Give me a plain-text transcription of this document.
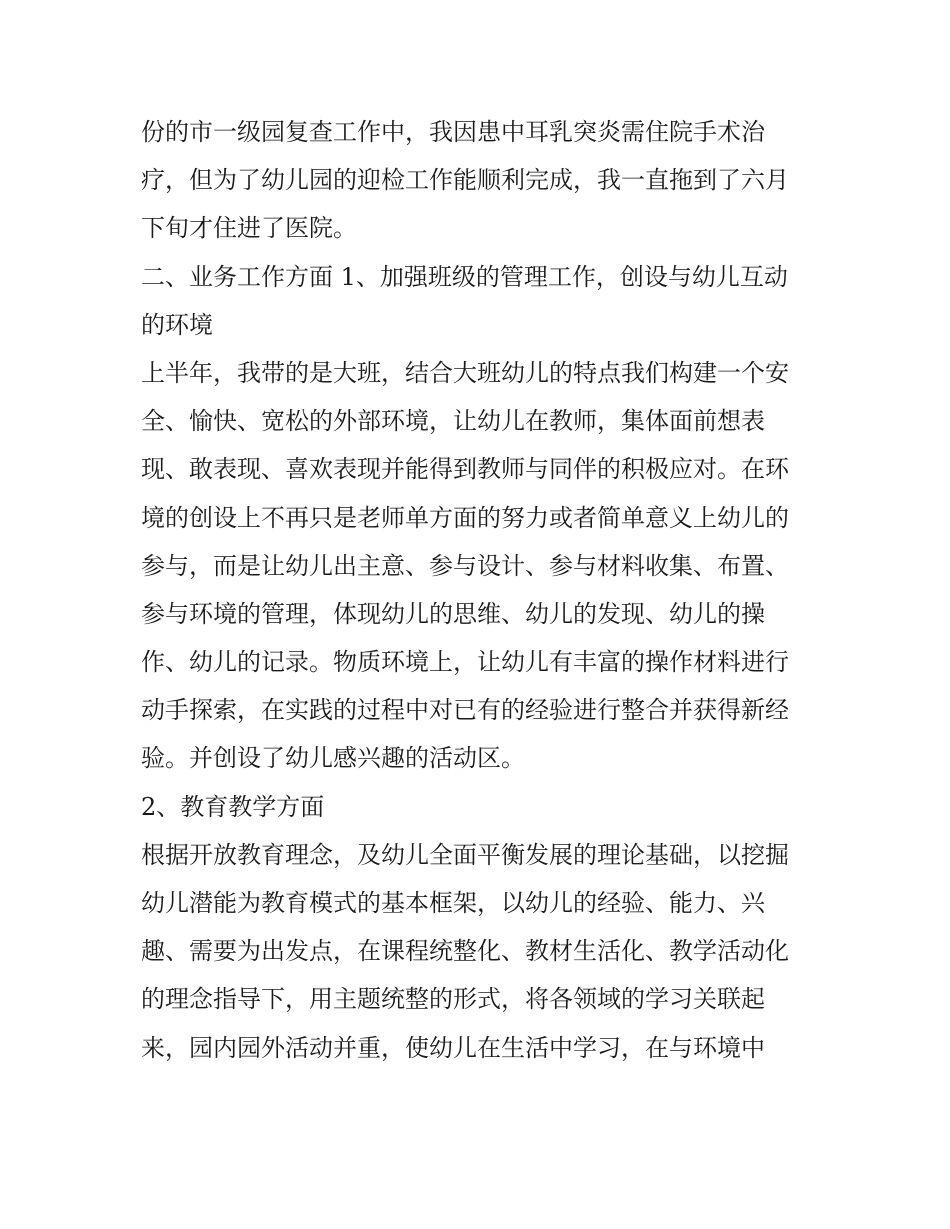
份的市一级园复查工作中，我因患中耳乳突炎需住院手术治
疗，但为了幼儿园的迎检工作能顺利完成，我一直拖到了六月
下旬才住进了医院。
二、业务工作方面 1、加强班级的管理工作，创设与幼儿互动
的环境
上半年，我带的是大班，结合大班幼儿的特点我们构建一个安
全、愉快、宽松的外部环境，让幼儿在教师，集体面前想表
现、敢表现、喜欢表现并能得到教师与同伴的积极应对。在环
境的创设上不再只是老师单方面的努力或者简单意义上幼儿的
参与，而是让幼儿出主意、参与设计、参与材料收集、布置、
参与环境的管理，体现幼儿的思维、幼儿的发现、幼儿的操
作、幼儿的记录。物质环境上，让幼儿有丰富的操作材料进行
动手探索，在实践的过程中对已有的经验进行整合并获得新经
验。并创设了幼儿感兴趣的活动区。
2、教育教学方面
根据开放教育理念，及幼儿全面平衡发展的理论基础，以挖掘
幼儿潜能为教育模式的基本框架，以幼儿的经验、能力、兴
趣、需要为出发点，在课程统整化、教材生活化、教学活动化
的理念指导下，用主题统整的形式，将各领域的学习关联起
来，园内园外活动并重，使幼儿在生活中学习，在与环境中
